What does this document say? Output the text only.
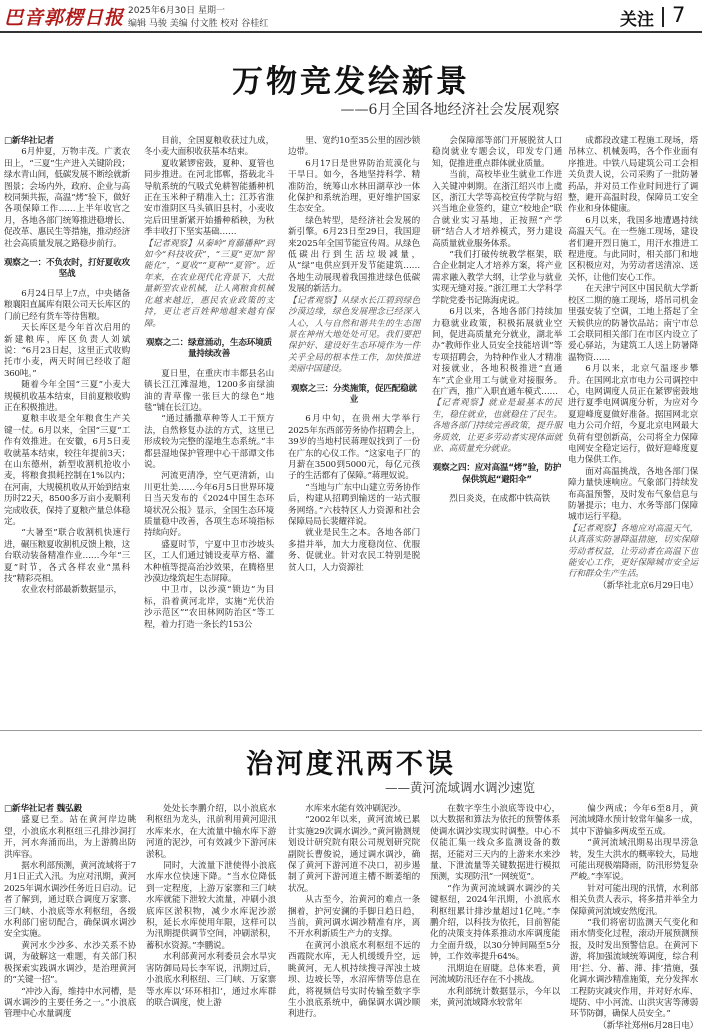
巴音郭楞日报 2025年6月30日 星期一
编辑 马骏 美编 付文胜 校对 谷桂红	关注 7
万物竞发绘新景
——6月全国各地经济社会发展观察

□新华社记者

6月仲夏，万物丰茂。广袤农田上，“三夏”生产进入关键阶段；绿水青山间，低碳发展不断绘就新图景；会场内外，政府、企业与高校同频共振，高温“烤”验下，做好各项保障工作……上半年收官之月，各地各部门统筹推进稳增长、促改革、惠民生等措施，推动经济社会高质量发展之路稳步前行。

观察之一：不负农时，打好夏收攻坚战

6月24日早上7点，中央储备粮襄阳直属库有限公司天长库区的门前已经有货车等待售粮。

天长库区是今年首次启用的新建粮库，库区负责人刘斌说：“6月23日起，这里正式收购托市小麦，两天时间已经收了超360吨。”

随着今年全国“三夏”小麦大规模机收基本结束，目前夏粮收购正在积极推进。

夏粮丰收是全年粮食生产关键一仗。6月以来，全国“三夏”工作有效推进。在安徽，6月5日麦收就基本结束，较往年提前3天；在山东德州，新型收割机抢收小麦，将粮食损耗控制在1%以内；在河南，大规模机收从开始到结束历时22天，8500多万亩小麦顺利完成收获，保持了夏粮产量总体稳定。

“大暑至”联合收割机快速行进，碾压粮夏收割机反馈上粮，这台联动装备精准作业……今年“三夏”时节，各式各样农业“黑科技”精彩亮相。

农业农村部最新数据显示，

目前，全国夏粮收获过九成，冬小麦大面积收获基本结束。

夏收紧锣密鼓，夏种、夏管也同步推进。在河北邯郸，搭载北斗导航系统的气吸式免耕智能播种机正在玉米种子精准入土；江苏省淮安市淮阴区马头镇旧县村，小麦收完后田里新紧开始播种稻秧，为秋季丰收打下坚实基础……

【记者观察】从秦岭“育藤播种”到如今“科技收获”，“三夏”更加“智能化”，“夏收”“夏种”“夏管”。近年来，在农业现代化背景下，大批量新型农业机械，让人离粮食机械化越来越近，惠民农业政策的支持，更让老百姓种地越来越有保障。

观察之二：绿意涌动，生态环境质量持续改善

夏日里，在重庆市丰都县名山镇长江江滩湿地，1200多亩绿油油的青草像一张巨大的绿色“地毯”铺在长江边。

“通过播撒草种等人工干预方法，自然修复办法的方式，这里已形成较为完整的湿地生态系统。”丰都县湿地保护管理中心干部谭文伟说。

河流更清净，空气更清新，山川更壮美……今年6月5日世界环境日当天发布的《2024中国生态环境状况公报》显示，全国生态环境质量稳中改善，各项生态环境指标持续向好。

盛夏时节，宁夏中卫市沙坡头区，工人们通过铺设麦草方格、灌木种植等提高治沙效果，在腾格里沙漠边缘筑起生态屏障。

中卫市，以沙漠“锁边”为目标，沿着黄河北岸，实施“光伏治沙示范区”“农田林网防治区”等工程，着力打造一条长约153公

里、宽约10至35公里的固沙锁边带。

6月17日是世界防治荒漠化与干旱日。如今，各地坚持科学、精准防治，统筹山水林田湖草沙一体化保护和系统治理，更好维护国家生态安全。

绿色转型，是经济社会发展的新引擎。6月23日至29日，我国迎来2025年全国节能宣传周。从绿色低碳出行到生活垃圾减量，从“绿”电供应到开发节能建筑……各地生动展现着我国推进绿色低碳发展的新活力。

【记者观察】从绿水长江碧到绿色沙漠边缘，绿色发展理念已经深入人心，人与自然和谐共生的生态图景在神州大地处处可见。我们要把保护好、建设好生态环境作为一件关乎全局的根本性工作，加快推进美丽中国建设。

观察之三：分类施策，促匹配稳就业

6月中旬，在贵州大学举行2025年东西部劳务协作招聘会上，39岁的当地村民蒋理奴找到了一份在广东的心仪工作。“这家电子厂的月薪在3500到5000元，每亿元孩子的生活都有了保障。”蒋理奴说。

“当地与广东中山建立劳务协作后，构建从招聘到输送的一站式服务网络。”六枝特区人力资源和社会保障局局长裴耀祥说。

就业是民生之本。各地各部门多措并举，加大力度稳岗位、优服务、促就业。针对农民工特别是脱贫人口，人力资源社

会保障部等部门开展脱贫人口稳岗就业专题会议，印发专门通知，促推进重点群体就业质量。

当前，高校毕业生就业工作进入关键冲刺期。在浙江绍兴市上虞区，浙江大学等高校宣传学院与绍兴当地企业签约，建立“校地企”联合就业实习基地，正按照“产学研”结合人才培养模式，努力建设高质量就业服务体系。

“我们打破传统教学框架，联合企业制定人才培养方案，将产业需求融入教学大纲，让学业与就业实现无缝对接。”浙江理工大学科学学院党委书记陈海虎说。

6月以来，各地各部门持续加力稳就业政策，积极拓展就业空间，促进高质量充分就业，湖北举办“教师作业人员安全技能培训”等专项招聘会，为特种作业人才精准对接就业，各地积极推进“直通车”式企业用工与就业对接服务。在广西，推广入职直通车模式……

【记者观察】就业是最基本的民生，稳住就业，也就稳住了民生。各地各部门持续完善政策，提升服务质效，让更多劳动者实现体面就业、高质量充分就业。

观察之四：应对高温“烤”验，防护保供筑起“避阳伞”

烈日炎炎，在成都中铁高铁

成都段改建工程施工现场，塔吊林立、机械轰鸣，各个作业面有序推进。中铁八局建筑公司工会相关负责人说，公司采购了一批防暑药品，并对员工作业时间进行了调整，避开高温时段，保障员工安全作业和身体健康。

6月以来，我国多地遭遇持续高温天气。在一些施工现场，建设者们避开烈日施工，用汗水推进工程进度。与此同时，相关部门和地区积极应对，为劳动者送清凉、送关怀，让他们安心工作。

在天津宁河区中国民航大学新校区二期的施工现场，塔吊司机金里强安装了空调，工地上搭起了全天候供应的防暑饮品站；南宁市总工会联同相关部门在市区内设立了爱心驿站，为建筑工人送上防暑降温物资……

6月以来，北京气温逐步攀升。在国网北京市电力公司调控中心，电网调度人员正在紧锣密鼓地进行夏季电网调度分析，为应对今夏迎峰度夏做好准备。据国网北京电力公司介绍，今夏北京电网最大负荷有望创新高，公司将全力保障电网安全稳定运行，做好迎峰度夏电力保供工作。

面对高温挑战，各地各部门保障力量快速响应。气象部门持续发布高温预警，及时发布气象信息与防暑提示；电力、水务等部门保障城市运行平稳。

【记者观察】各地应对高温天气，认真落实防暑降温措施，切实保障劳动者权益，让劳动者在高温下也能安心工作，更好保障城市安全运行和群众生产生活。

（新华社北京6月29日电）

治河度汛两不误
——黄河流域调水调沙速览

□新华社记者 魏弘毅

盛夏已至。站在黄河岸边眺望，小浪底水利枢纽三孔排沙洞打开，河水奔涌而出，为上游腾出防洪库容。

据水利部预测，黄河流域将于7月1日正式入汛。为应对汛期，黄河2025年调水调沙任务近日启动。记者了解到，通过联合调度万家寨、三门峡、小浪底等水利枢纽，各级水利部门密切配合，确保调水调沙安全实施。

黄河水少沙多、水沙关系不协调，为破解这一难题，有关部门积极探索实践调水调沙，是治理黄河的“关键一招”。

“冲沙入海，维持中水河槽，是调水调沙的主要任务之一。”小浪底管理中心水量调度

处处长李鹏介绍，以小浪底水利枢纽为龙头，汛前利用黄河迎汛水库来水，在大流量中输水库下游河道的泥沙，可有效减少下游河床淤积。

同时，大流量下泄使得小浪底水库水位快速下降。“当水位降低到一定程度，上游万家寨和三门峡水库就能下泄较大流量，冲刷小浪底库区淤积物，减少水库泥沙淤积，延长水库使用年限，这样可以为汛期提供调节空间，冲刷淤积，蓄积水资源。”李鹏说。

水利部黄河水利委员会水旱灾害防御局局长李军说，汛期过后，小浪底水利枢纽、三门峡、万家寨等水库以‘环环相扣’，通过水库群的联合调度，使上游

水库来水能有效冲刷泥沙。

“2002年以来，黄河流域已累计实施29次调水调沙。”黄河勘测规划设计研究院有限公司规划研究院副院长曹俊说，通过调水调沙，确保了黄河下游河道不决口，初步遏制了黄河下游河道主槽不断萎缩的状况。

从古至今，治黄河的难点一条捆着，护河安澜的手脚日趋日趋，当前，黄河调水调沙精准有序，离不开水利新质生产力的支撑。

在黄河小浪底水利枢纽不远的西霞院水库，无人机缓缓升空，远眺黄河，无人机持续搜寻浑浊土坡坝、边坡长等，水沼库情等信息在此，将视频信号实时传输至数字孪生小浪底系统中，确保调水调沙顺利进行。

在数字孪生小浪底等设中心，以大数据和算法为依托的预警体系使调水调沙实现实时调整。中心不仅能汇集一线众多监测设备的数据，还能对三天内的上游来水来沙量、下泄流量等关键数据进行模拟预测，实现防汛“一网统览”。

“作为黄河流域调水调沙的关键枢纽，2024年汛期，小浪底水利枢纽累计排沙量超过1亿吨。”李鹏介绍，以科技为依托，目前智能化的决策支持体系推动水库调度能力全面升级，以30分钟间隔至5分钟，工作效率提升64%。

汛期迫在眉睫。总体来看，黄河流域防汛还存在不小挑战。

水利部统计数据显示，今年以来，黄河流域降水较常年

偏少两成；今年6至8月，黄河流域降水预计较常年偏多一成，其中下游偏多两成至五成。

“黄河流域汛期易出现旱涝急转，发生大洪水的概率较大，局地可能出现极端降雨，防汛形势复杂严峻。”李军说。

针对可能出现的汛情，水利部相关负责人表示，将多措并举全力保障黄河流域安然度汛。

“我们将密切监测天气变化和雨水情变化过程，滚动开展预测预报，及时发出预警信息。在黄河下游，将加强流域统筹调度，综合利用‘拦、分、蓄、滞、排’措施，强化调水调沙精准施策，充分发挥水工程防灾减灾作用，并对好水库、堤防、中小河流、山洪灾害等薄弱环节防御，确保人员安全。”

（新华社郑州6月28日电）
